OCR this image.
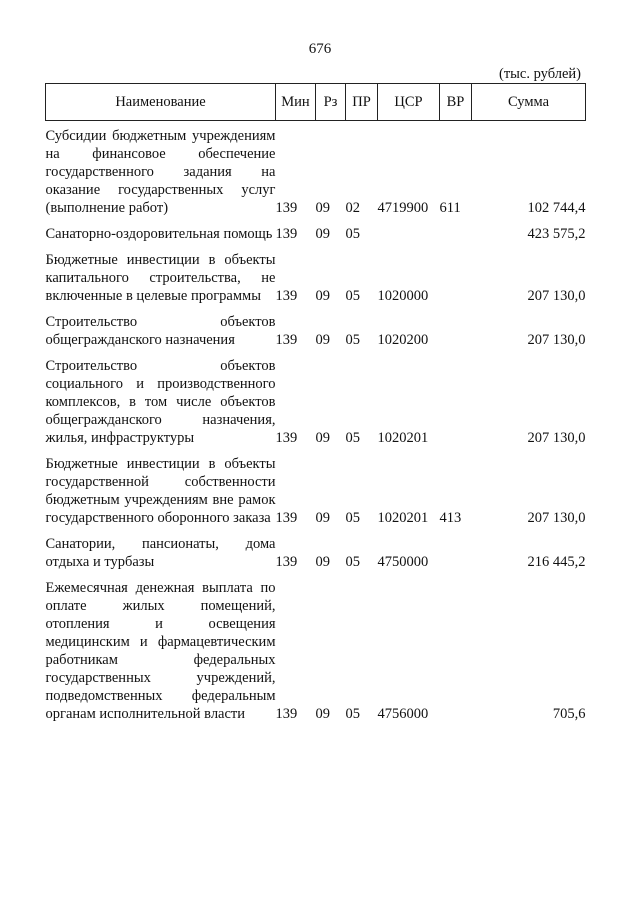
676
(тыс. рублей)
Наименование	Мин	Рз	ПР	ЦСР	ВР	Сумма

Субсидии бюджетным учреждениям на финансовое обеспечение государственного задания на оказание государственных услуг (выполнение работ)	139	09	02	4719900	611	102 744,4

Санаторно-оздоровительная помощь	139	09	05			423 575,2

Бюджетные инвестиции в объекты капитального строительства, не включенные в целевые программы	139	09	05	1020000		207 130,0

Строительство объектов общегражданского назначения	139	09	05	1020200		207 130,0

Строительство объектов социального и производственного комплексов, в том числе объектов общегражданского назначения, жилья, инфраструктуры	139	09	05	1020201		207 130,0

Бюджетные инвестиции в объекты государственной собственности бюджетным учреждениям вне рамок государственного оборонного заказа	139	09	05	1020201	413	207 130,0

Санатории, пансионаты, дома отдыха и турбазы	139	09	05	4750000		216 445,2

Ежемесячная денежная выплата по оплате жилых помещений, отопления и освещения медицинским и фармацевтическим работникам федеральных государственных учреждений, подведомственных федеральным органам исполнительной власти	139	09	05	4756000		705,6
